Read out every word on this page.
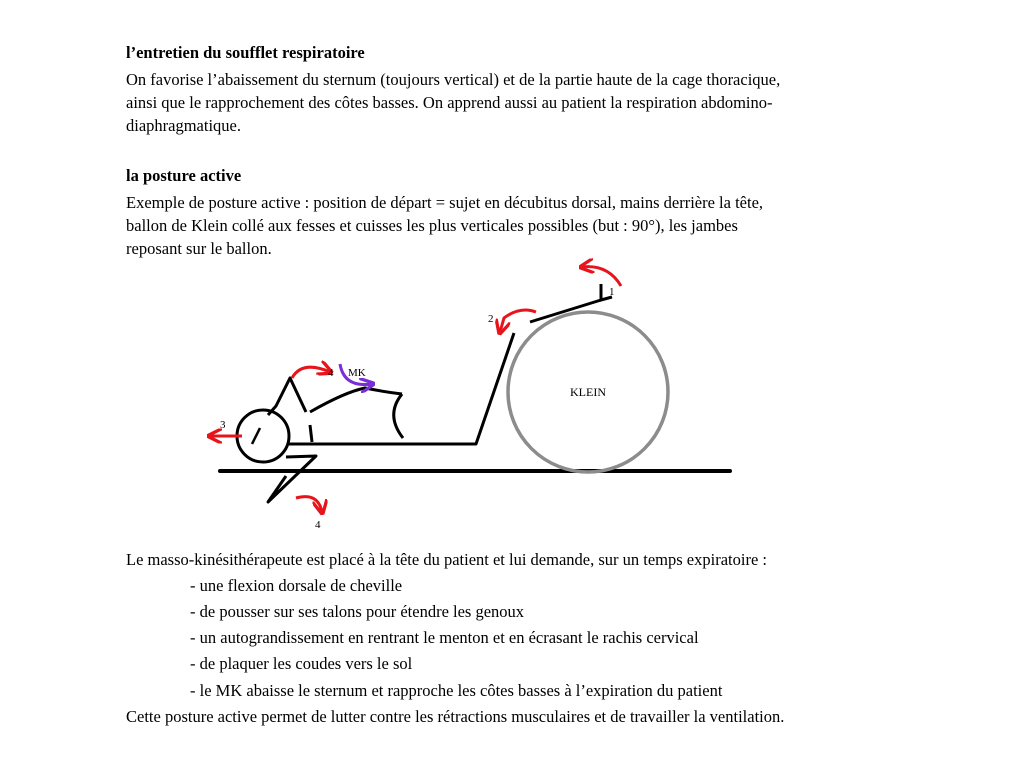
l’entretien du soufflet respiratoire
On favorise l’abaissement du sternum (toujours vertical) et de la partie haute de la cage thoracique,
ainsi que le rapprochement des côtes basses. On apprend aussi au patient la respiration abdomino-
diaphragmatique.
la posture active
Exemple de posture active : position de départ = sujet en décubitus dorsal, mains derrière la tête,
ballon de Klein collé aux fesses et cuisses les plus verticales possibles (but : 90°), les jambes
reposant sur le ballon.
KLEIN
1
2
3
4
4
MK
Le masso-kinésithérapeute est placé à la tête du patient et lui demande, sur un temps expiratoire :
- une flexion dorsale de cheville
- de pousser sur ses talons pour étendre les genoux
- un autograndissement en rentrant le menton et en écrasant le rachis cervical
- de plaquer les coudes vers le sol
- le MK abaisse le sternum et rapproche les côtes basses à l’expiration du patient
Cette posture active permet de lutter contre les rétractions musculaires et de travailler la ventilation.
